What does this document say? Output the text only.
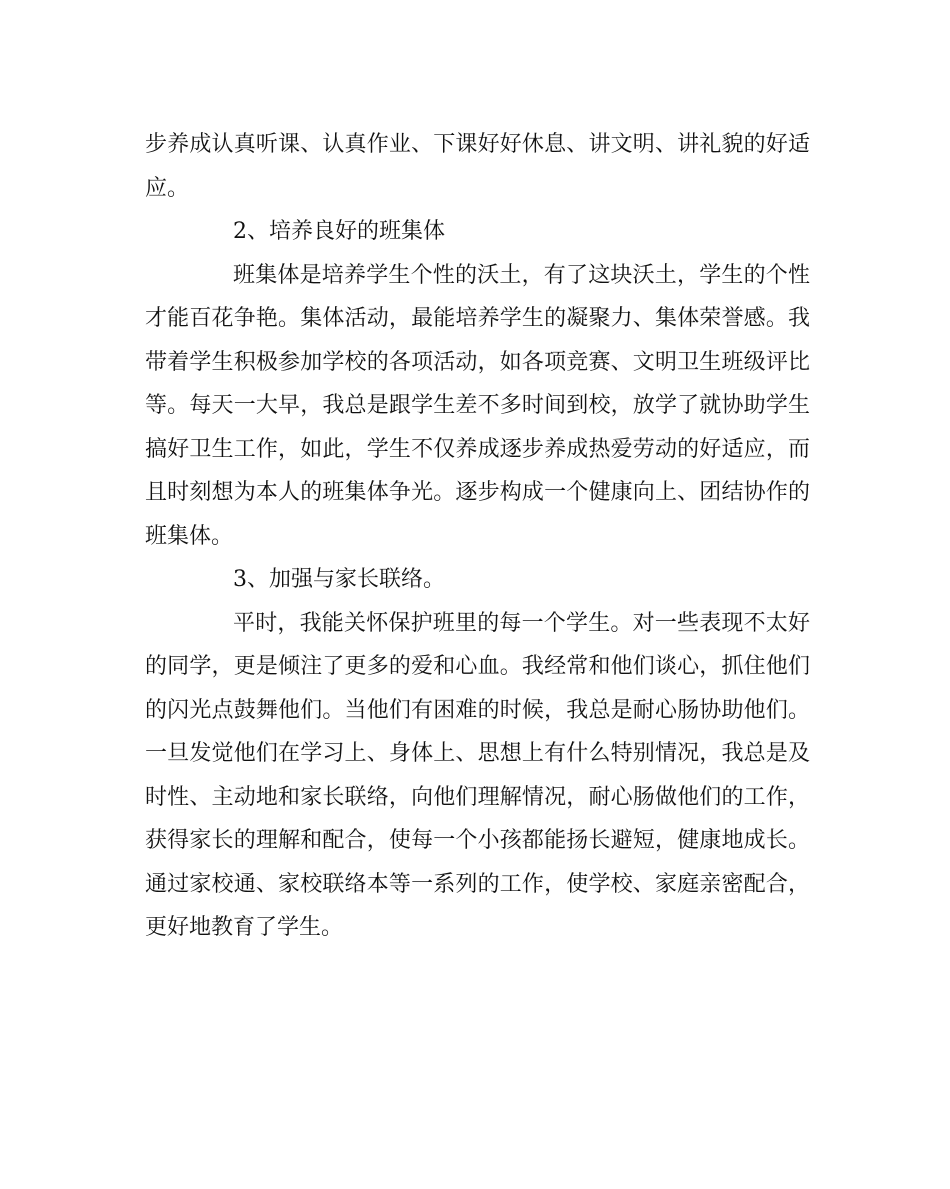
步养成认真听课、认真作业、下课好好休息、讲文明、讲礼貌的好适
应。
2、培养良好的班集体
班集体是培养学生个性的沃土，有了这块沃土，学生的个性
才能百花争艳。集体活动，最能培养学生的凝聚力、集体荣誉感。我
带着学生积极参加学校的各项活动，如各项竞赛、文明卫生班级评比
等。每天一大早，我总是跟学生差不多时间到校，放学了就协助学生
搞好卫生工作，如此，学生不仅养成逐步养成热爱劳动的好适应，而
且时刻想为本人的班集体争光。逐步构成一个健康向上、团结协作的
班集体。
3、加强与家长联络。
平时，我能关怀保护班里的每一个学生。对一些表现不太好
的同学，更是倾注了更多的爱和心血。我经常和他们谈心，抓住他们
的闪光点鼓舞他们。当他们有困难的时候，我总是耐心肠协助他们。
一旦发觉他们在学习上、身体上、思想上有什么特别情况，我总是及
时性、主动地和家长联络，向他们理解情况，耐心肠做他们的工作，
获得家长的理解和配合，使每一个小孩都能扬长避短，健康地成长。
通过家校通、家校联络本等一系列的工作，使学校、家庭亲密配合，
更好地教育了学生。
